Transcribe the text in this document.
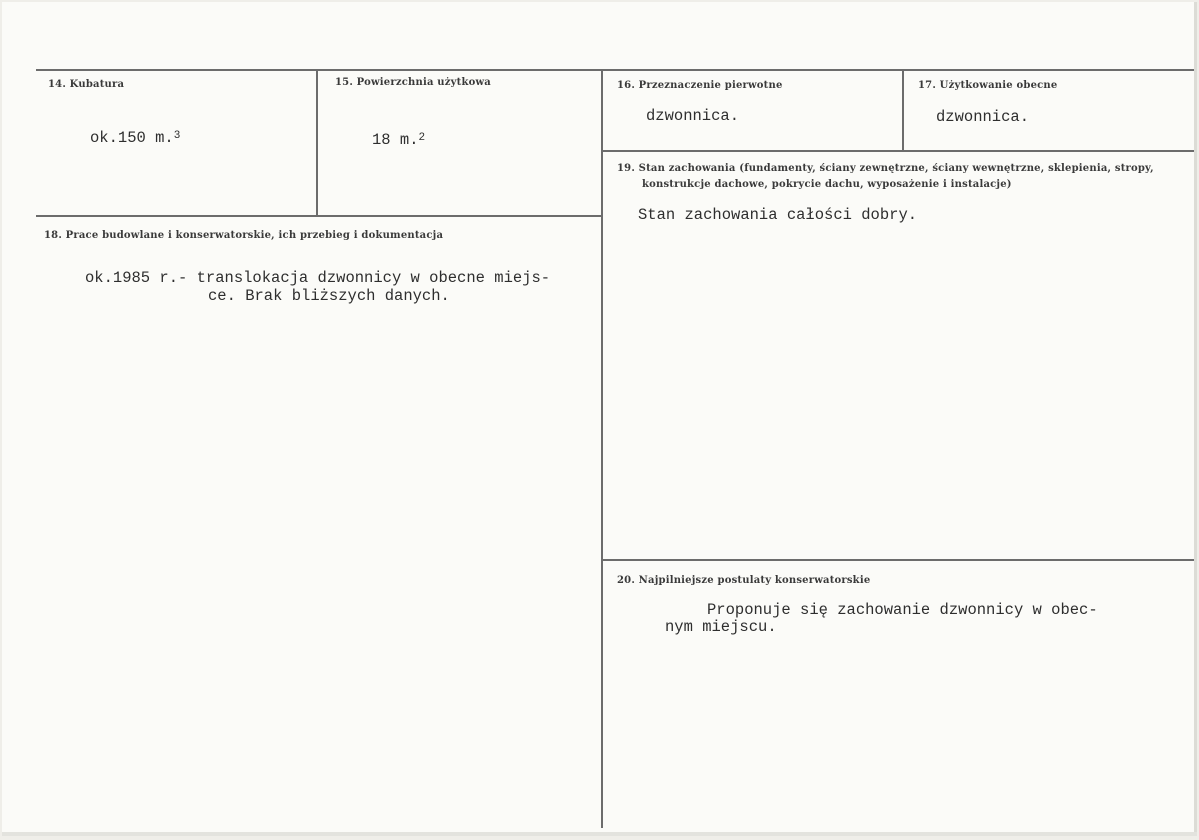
14. Kubatura
ok.150 m.$^3$
15. Powierzchnia użytkowa
18 m.$^2$
16. Przeznaczenie pierwotne
dzwonnica.
17. Użytkowanie obecne
dzwonnica.
18. Prace budowlane i konserwatorskie, ich przebieg i dokumentacja
ok.1985 r.- translokacja dzwonnicy w obecne miejs-
ce. Brak bliższych danych.
19. Stan zachowania (fundamenty, ściany zewnętrzne, ściany wewnętrzne, sklepienia, stropy,
konstrukcje dachowe, pokrycie dachu, wyposażenie i instalacje)
Stan zachowania całości dobry.
20. Najpilniejsze postulaty konserwatorskie
Proponuje się zachowanie dzwonnicy w obec-
nym miejscu.
